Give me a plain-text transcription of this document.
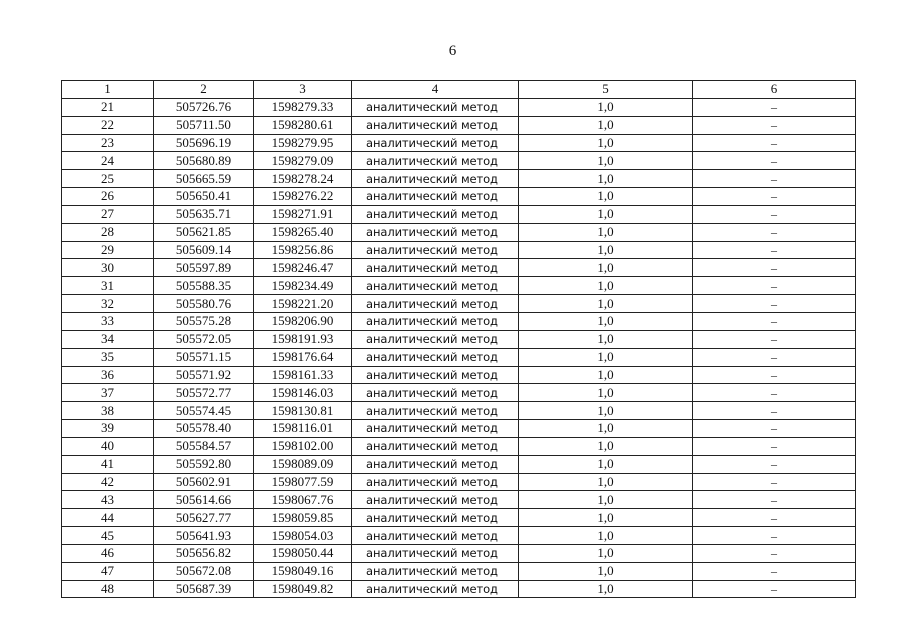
6
1	2	3	4	5	6
21	505726.76	1598279.33	аналитический метод	1,0	–
22	505711.50	1598280.61	аналитический метод	1,0	–
23	505696.19	1598279.95	аналитический метод	1,0	–
24	505680.89	1598279.09	аналитический метод	1,0	–
25	505665.59	1598278.24	аналитический метод	1,0	–
26	505650.41	1598276.22	аналитический метод	1,0	–
27	505635.71	1598271.91	аналитический метод	1,0	–
28	505621.85	1598265.40	аналитический метод	1,0	–
29	505609.14	1598256.86	аналитический метод	1,0	–
30	505597.89	1598246.47	аналитический метод	1,0	–
31	505588.35	1598234.49	аналитический метод	1,0	–
32	505580.76	1598221.20	аналитический метод	1,0	–
33	505575.28	1598206.90	аналитический метод	1,0	–
34	505572.05	1598191.93	аналитический метод	1,0	–
35	505571.15	1598176.64	аналитический метод	1,0	–
36	505571.92	1598161.33	аналитический метод	1,0	–
37	505572.77	1598146.03	аналитический метод	1,0	–
38	505574.45	1598130.81	аналитический метод	1,0	–
39	505578.40	1598116.01	аналитический метод	1,0	–
40	505584.57	1598102.00	аналитический метод	1,0	–
41	505592.80	1598089.09	аналитический метод	1,0	–
42	505602.91	1598077.59	аналитический метод	1,0	–
43	505614.66	1598067.76	аналитический метод	1,0	–
44	505627.77	1598059.85	аналитический метод	1,0	–
45	505641.93	1598054.03	аналитический метод	1,0	–
46	505656.82	1598050.44	аналитический метод	1,0	–
47	505672.08	1598049.16	аналитический метод	1,0	–
48	505687.39	1598049.82	аналитический метод	1,0	–
